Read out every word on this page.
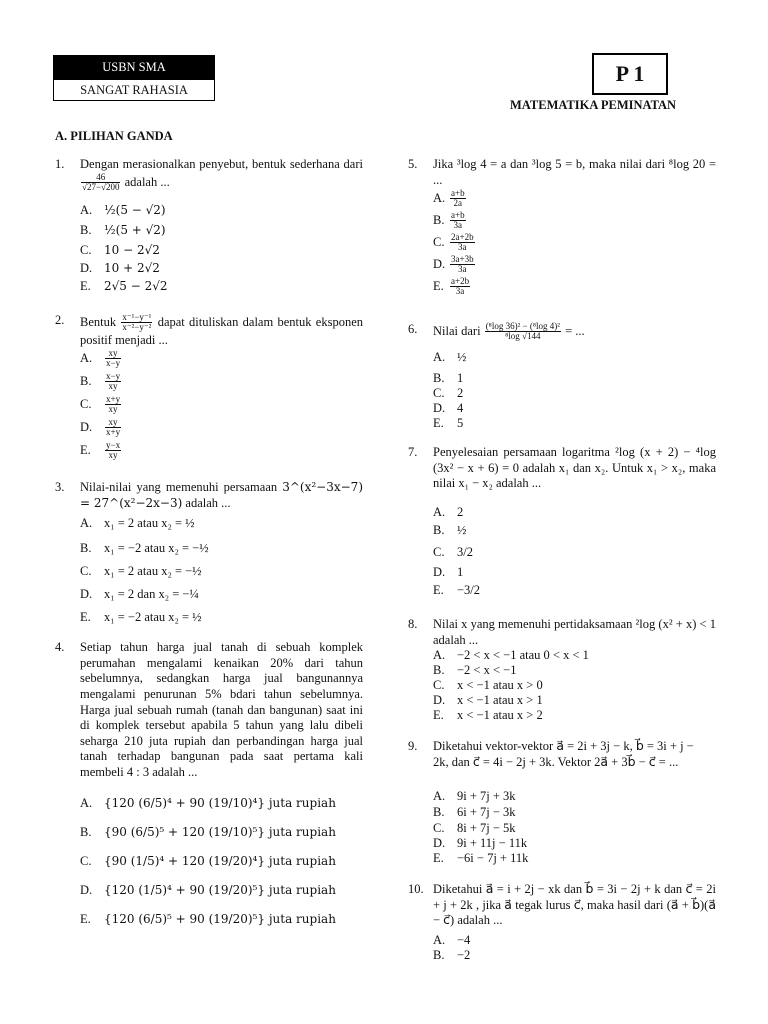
USBN SMA
SANGAT RAHASIA
P 1
MATEMATIKA PEMINATAN
A. PILIHAN GANDA
1.	Dengan merasionalkan penyebut, bentuk sederhana dari
$\frac{46}{√27-√200}$ adalah ...
A. ½(5 − √2)
B. ½(5 + √2)
C. 10 − 2√2
D. 10 + 2√2
E. 2√5 − 2√2
2.	Bentuk $\frac{\text{x⁻¹−y⁻¹}}{\text{x⁻²−y⁻²}}$ dapat dituliskan dalam bentuk eksponen positif menjadi ...
A. $\frac{xy}{x-y}$
B. $\frac{x-y}{xy}$
C. $\frac{x+y}{xy}$
D. $\frac{xy}{x+y}$
E. $\frac{y-x}{xy}$
3.	Nilai-nilai yang memenuhi persamaan 3^(x²−3x−7) = 27^(x²−2x−3) adalah ...
A. x₁ = 2 atau x₂ = ½
B. x₁ = −2 atau x₂ = −½
C. x₁ = 2 atau x₂ = −½
D. x₁ = 2 dan x₂ = −¼
E. x₁ = −2 atau x₂ = ½
4.	Setiap tahun harga jual tanah di sebuah komplek perumahan mengalami kenaikan 20% dari tahun sebelumnya, sedangkan harga jual bangunannya mengalami penurunan 5% bdari tahun sebelumnya. Harga jual sebuah rumah (tanah dan bangunan) saat ini di komplek tersebut apabila 5 tahun yang lalu dibeli seharga 210 juta rupiah dan perbandingan harga jual tanah terhadap bangunan pada saat pertama kali membeli 4 : 3 adalah ...
A. {120 (6/5)⁴ + 90 (19/10)⁴} juta rupiah
B. {90 (6/5)⁵ + 120 (19/10)⁵} juta rupiah
C. {90 (1/5)⁴ + 120 (19/20)⁴} juta rupiah
D. {120 (1/5)⁴ + 90 (19/20)⁵} juta rupiah
E. {120 (6/5)⁵ + 90 (19/20)⁵} juta rupiah
5.	Jika ³log 4 = a dan ³log 5 = b, maka nilai dari ⁸log 20 = ...
A. $\frac{a+b}{2a}$
B. $\frac{a+b}{3a}$
C. $\frac{2a+2b}{3a}$
D. $\frac{3a+3b}{3a}$
E. $\frac{a+2b}{3a}$
6.	Nilai dari $\frac{\text{(⁸log 36)² − (⁸log 4)²}}{\text{⁸log √144}}$ = ...
A. ½
B. 1
C. 2
D. 4
E. 5
7.	Penyelesaian persamaan logaritma ²log (x + 2) − ⁴log (3x² − x + 6) = 0 adalah x₁ dan x₂. Untuk x₁ > x₂, maka nilai x₁ − x₂ adalah ...
A. 2
B. ½
C. 3/2
D. 1
E. −3/2
8.	Nilai x yang memenuhi pertidaksamaan ²log (x² + x) < 1 adalah ...
A. −2 < x < −1 atau 0 < x < 1
B. −2 < x < −1
C. x < −1 atau x > 0
D. x < −1 atau x > 1
E. x < −1 atau x > 2
9.	Diketahui vektor-vektor a⃗ = 2i + 3j − k, b⃗ = 3i + j − 2k, dan c⃗ = 4i − 2j + 3k. Vektor 2a⃗ + 3b⃗ − c⃗ = ...
A. 9i + 7j + 3k
B. 6i + 7j − 3k
C. 8i + 7j − 5k
D. 9i + 11j − 11k
E. −6i − 7j + 11k
10. Diketahui a⃗ = i + 2j − xk dan b⃗ = 3i − 2j + k dan c⃗ = 2i + j + 2k , jika a⃗ tegak lurus c⃗, maka hasil dari (a⃗ + b⃗)(a⃗ − c⃗) adalah ...
A. −4
B. −2
